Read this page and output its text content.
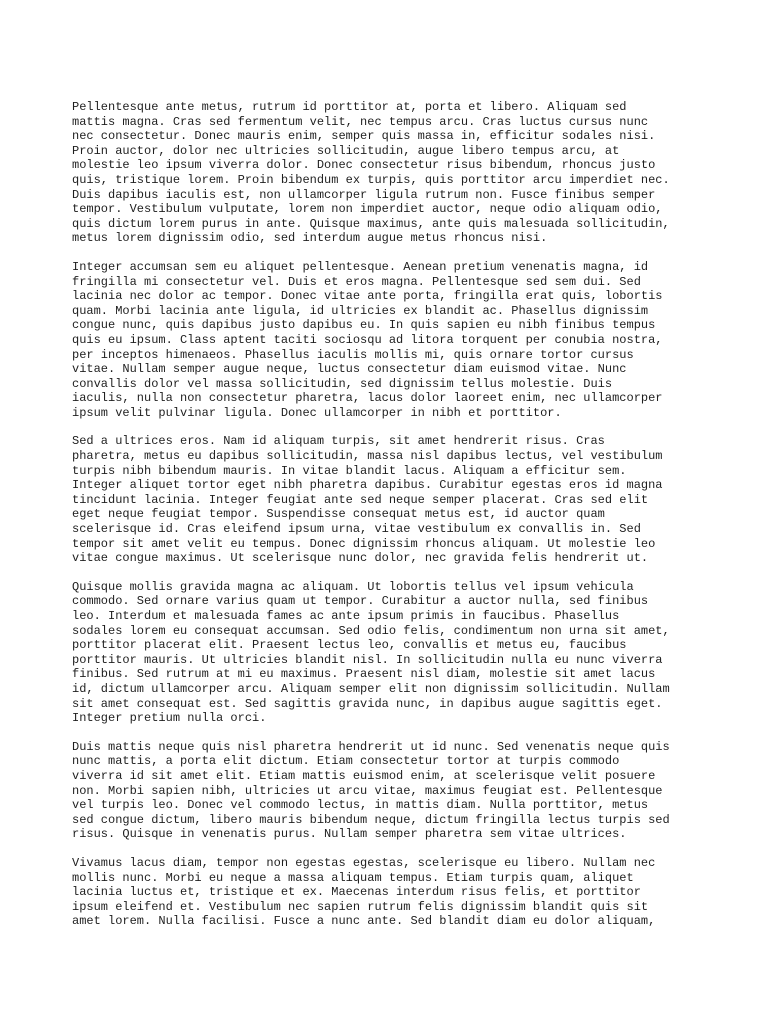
Pellentesque ante metus, rutrum id porttitor at, porta et libero. Aliquam sed
mattis magna. Cras sed fermentum velit, nec tempus arcu. Cras luctus cursus nunc
nec consectetur. Donec mauris enim, semper quis massa in, efficitur sodales nisi.
Proin auctor, dolor nec ultricies sollicitudin, augue libero tempus arcu, at
molestie leo ipsum viverra dolor. Donec consectetur risus bibendum, rhoncus justo
quis, tristique lorem. Proin bibendum ex turpis, quis porttitor arcu imperdiet nec.
Duis dapibus iaculis est, non ullamcorper ligula rutrum non. Fusce finibus semper
tempor. Vestibulum vulputate, lorem non imperdiet auctor, neque odio aliquam odio,
quis dictum lorem purus in ante. Quisque maximus, ante quis malesuada sollicitudin,
metus lorem dignissim odio, sed interdum augue metus rhoncus nisi.

Integer accumsan sem eu aliquet pellentesque. Aenean pretium venenatis magna, id
fringilla mi consectetur vel. Duis et eros magna. Pellentesque sed sem dui. Sed
lacinia nec dolor ac tempor. Donec vitae ante porta, fringilla erat quis, lobortis
quam. Morbi lacinia ante ligula, id ultricies ex blandit ac. Phasellus dignissim
congue nunc, quis dapibus justo dapibus eu. In quis sapien eu nibh finibus tempus
quis eu ipsum. Class aptent taciti sociosqu ad litora torquent per conubia nostra,
per inceptos himenaeos. Phasellus iaculis mollis mi, quis ornare tortor cursus
vitae. Nullam semper augue neque, luctus consectetur diam euismod vitae. Nunc
convallis dolor vel massa sollicitudin, sed dignissim tellus molestie. Duis
iaculis, nulla non consectetur pharetra, lacus dolor laoreet enim, nec ullamcorper
ipsum velit pulvinar ligula. Donec ullamcorper in nibh et porttitor.

Sed a ultrices eros. Nam id aliquam turpis, sit amet hendrerit risus. Cras
pharetra, metus eu dapibus sollicitudin, massa nisl dapibus lectus, vel vestibulum
turpis nibh bibendum mauris. In vitae blandit lacus. Aliquam a efficitur sem.
Integer aliquet tortor eget nibh pharetra dapibus. Curabitur egestas eros id magna
tincidunt lacinia. Integer feugiat ante sed neque semper placerat. Cras sed elit
eget neque feugiat tempor. Suspendisse consequat metus est, id auctor quam
scelerisque id. Cras eleifend ipsum urna, vitae vestibulum ex convallis in. Sed
tempor sit amet velit eu tempus. Donec dignissim rhoncus aliquam. Ut molestie leo
vitae congue maximus. Ut scelerisque nunc dolor, nec gravida felis hendrerit ut.

Quisque mollis gravida magna ac aliquam. Ut lobortis tellus vel ipsum vehicula
commodo. Sed ornare varius quam ut tempor. Curabitur a auctor nulla, sed finibus
leo. Interdum et malesuada fames ac ante ipsum primis in faucibus. Phasellus
sodales lorem eu consequat accumsan. Sed odio felis, condimentum non urna sit amet,
porttitor placerat elit. Praesent lectus leo, convallis et metus eu, faucibus
porttitor mauris. Ut ultricies blandit nisl. In sollicitudin nulla eu nunc viverra
finibus. Sed rutrum at mi eu maximus. Praesent nisl diam, molestie sit amet lacus
id, dictum ullamcorper arcu. Aliquam semper elit non dignissim sollicitudin. Nullam
sit amet consequat est. Sed sagittis gravida nunc, in dapibus augue sagittis eget.
Integer pretium nulla orci.

Duis mattis neque quis nisl pharetra hendrerit ut id nunc. Sed venenatis neque quis
nunc mattis, a porta elit dictum. Etiam consectetur tortor at turpis commodo
viverra id sit amet elit. Etiam mattis euismod enim, at scelerisque velit posuere
non. Morbi sapien nibh, ultricies ut arcu vitae, maximus feugiat est. Pellentesque
vel turpis leo. Donec vel commodo lectus, in mattis diam. Nulla porttitor, metus
sed congue dictum, libero mauris bibendum neque, dictum fringilla lectus turpis sed
risus. Quisque in venenatis purus. Nullam semper pharetra sem vitae ultrices.

Vivamus lacus diam, tempor non egestas egestas, scelerisque eu libero. Nullam nec
mollis nunc. Morbi eu neque a massa aliquam tempus. Etiam turpis quam, aliquet
lacinia luctus et, tristique et ex. Maecenas interdum risus felis, et porttitor
ipsum eleifend et. Vestibulum nec sapien rutrum felis dignissim blandit quis sit
amet lorem. Nulla facilisi. Fusce a nunc ante. Sed blandit diam eu dolor aliquam,
